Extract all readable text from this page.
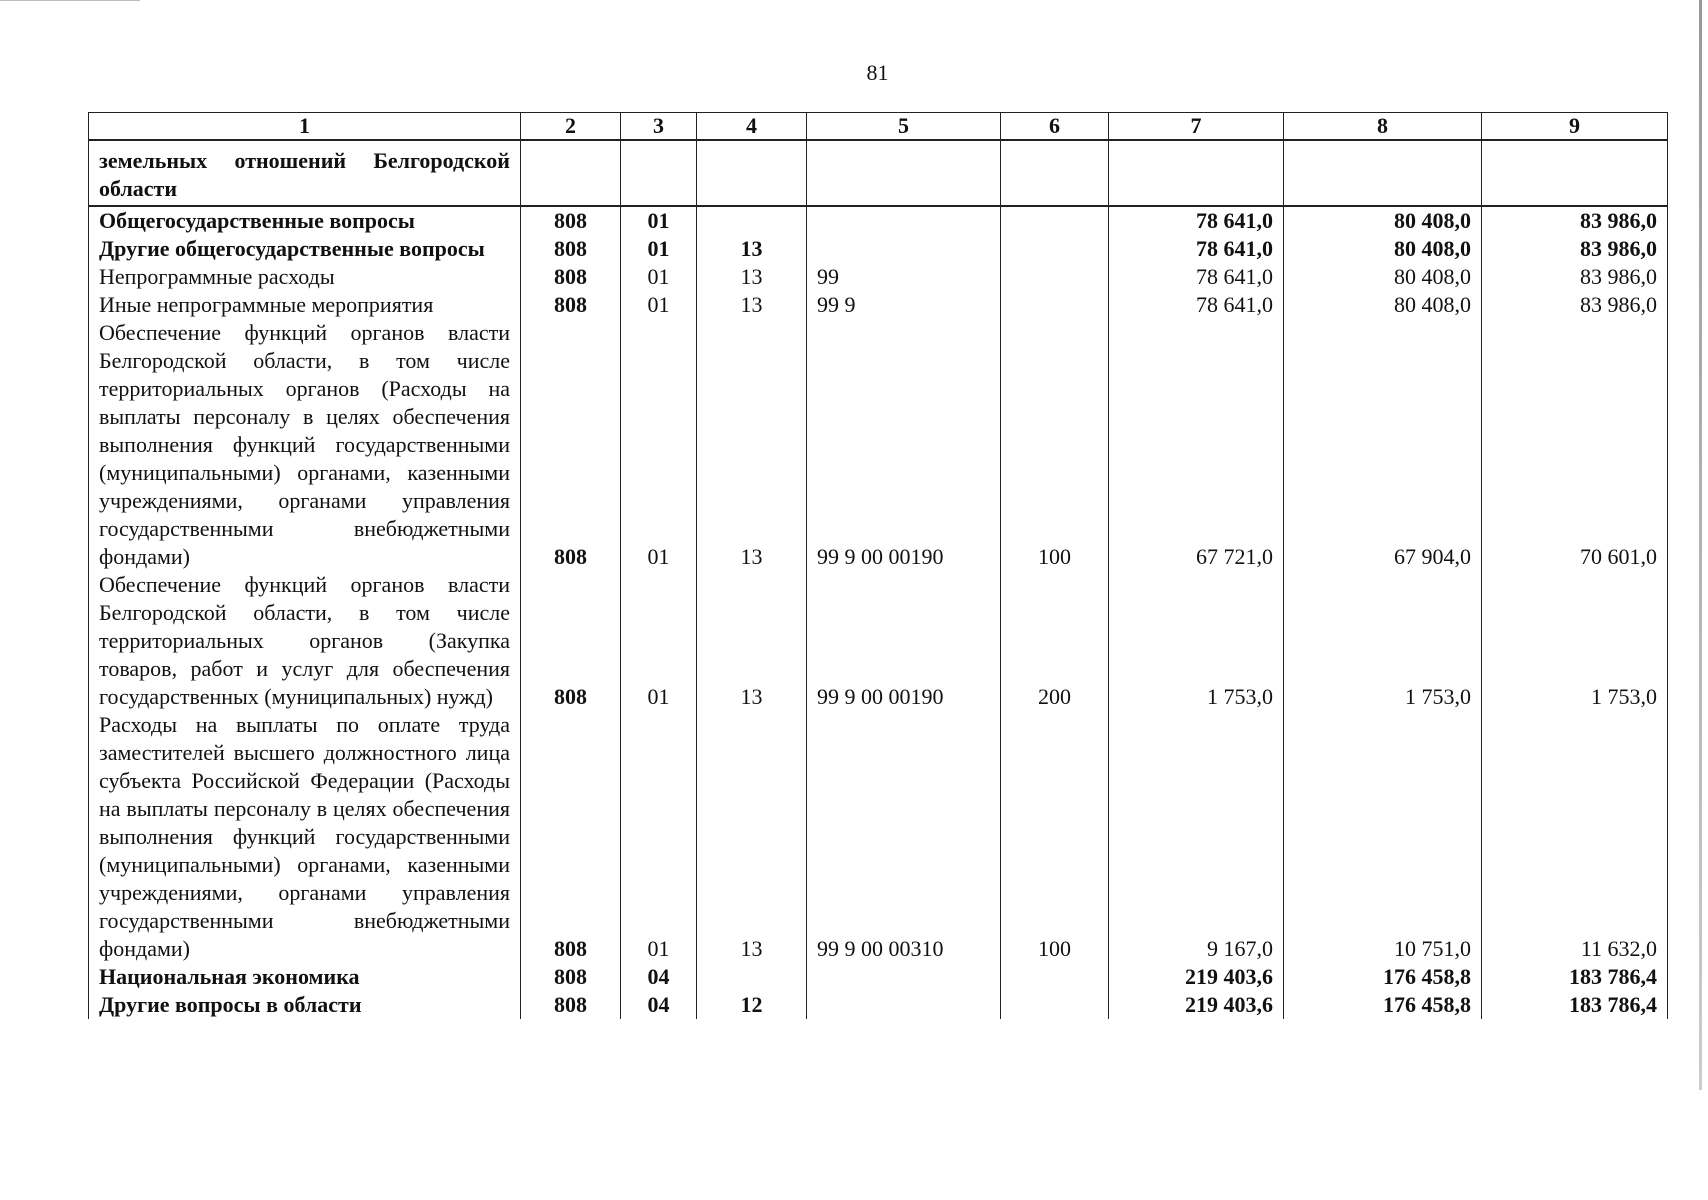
81
1	2	3	4	5	6	7	8	9
земельных отношений Белгородской области								
Общегосударственные вопросы	808	01				78 641,0	80 408,0	83 986,0
Другие общегосударственные вопросы	808	01	13			78 641,0	80 408,0	83 986,0
Непрограммные расходы	808	01	13	99		78 641,0	80 408,0	83 986,0
Иные непрограммные мероприятия	808	01	13	99 9		78 641,0	80 408,0	83 986,0
Обеспечение функций органов власти Белгородской области, в том числе территориальных органов (Расходы на выплаты персоналу в целях обеспечения выполнения функций государственными (муниципальными) органами, казенными учреждениями, органами управления государственными внебюджетными фондами)	808	01	13	99 9 00 00190	100	67 721,0	67 904,0	70 601,0
Обеспечение функций органов власти Белгородской области, в том числе территориальных органов (Закупка товаров, работ и услуг для обеспечения государственных (муниципальных) нужд)	808	01	13	99 9 00 00190	200	1 753,0	1 753,0	1 753,0
Расходы на выплаты по оплате труда заместителей высшего должностного лица субъекта Российской Федерации (Расходы на выплаты персоналу в целях обеспечения выполнения функций государственными (муниципальными) органами, казенными учреждениями, органами управления государственными внебюджетными фондами)	808	01	13	99 9 00 00310	100	9 167,0	10 751,0	11 632,0
Национальная экономика	808	04				219 403,6	176 458,8	183 786,4
Другие вопросы в области	808	04	12			219 403,6	176 458,8	183 786,4
